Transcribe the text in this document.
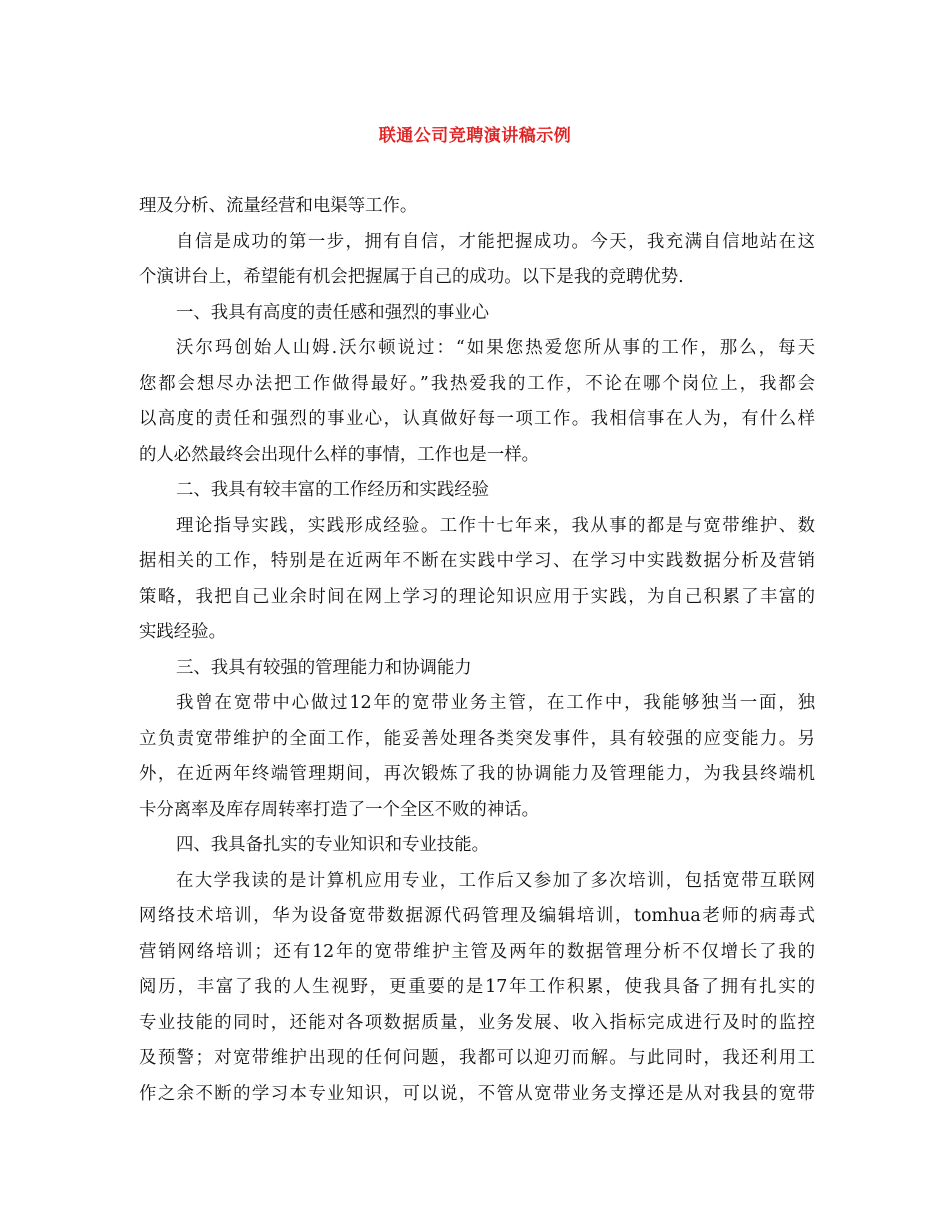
联通公司竞聘演讲稿示例
理及分析、流量经营和电渠等工作。
自信是成功的第一步，拥有自信，才能把握成功。今天，我充满自信地站在这
个演讲台上，希望能有机会把握属于自己的成功。以下是我的竞聘优势.
一、我具有高度的责任感和强烈的事业心
沃尔玛创始人山姆.沃尔顿说过：“如果您热爱您所从事的工作，那么，每天
您都会想尽办法把工作做得最好。”我热爱我的工作，不论在哪个岗位上，我都会
以高度的责任和强烈的事业心，认真做好每一项工作。我相信事在人为，有什么样
的人必然最终会出现什么样的事情，工作也是一样。
二、我具有较丰富的工作经历和实践经验
理论指导实践，实践形成经验。工作十七年来，我从事的都是与宽带维护、数
据相关的工作，特别是在近两年不断在实践中学习、在学习中实践数据分析及营销
策略，我把自己业余时间在网上学习的理论知识应用于实践，为自己积累了丰富的
实践经验。
三、我具有较强的管理能力和协调能力
我曾在宽带中心做过12年的宽带业务主管，在工作中，我能够独当一面，独
立负责宽带维护的全面工作，能妥善处理各类突发事件，具有较强的应变能力。另
外，在近两年终端管理期间，再次锻炼了我的协调能力及管理能力，为我县终端机
卡分离率及库存周转率打造了一个全区不败的神话。
四、我具备扎实的专业知识和专业技能。
在大学我读的是计算机应用专业，工作后又参加了多次培训，包括宽带互联网
网络技术培训，华为设备宽带数据源代码管理及编辑培训，tomhua老师的病毒式
营销网络培训；还有12年的宽带维护主管及两年的数据管理分析不仅增长了我的
阅历，丰富了我的人生视野，更重要的是17年工作积累，使我具备了拥有扎实的
专业技能的同时，还能对各项数据质量，业务发展、收入指标完成进行及时的监控
及预警；对宽带维护出现的任何问题，我都可以迎刃而解。与此同时，我还利用工
作之余不断的学习本专业知识，可以说，不管从宽带业务支撑还是从对我县的宽带
